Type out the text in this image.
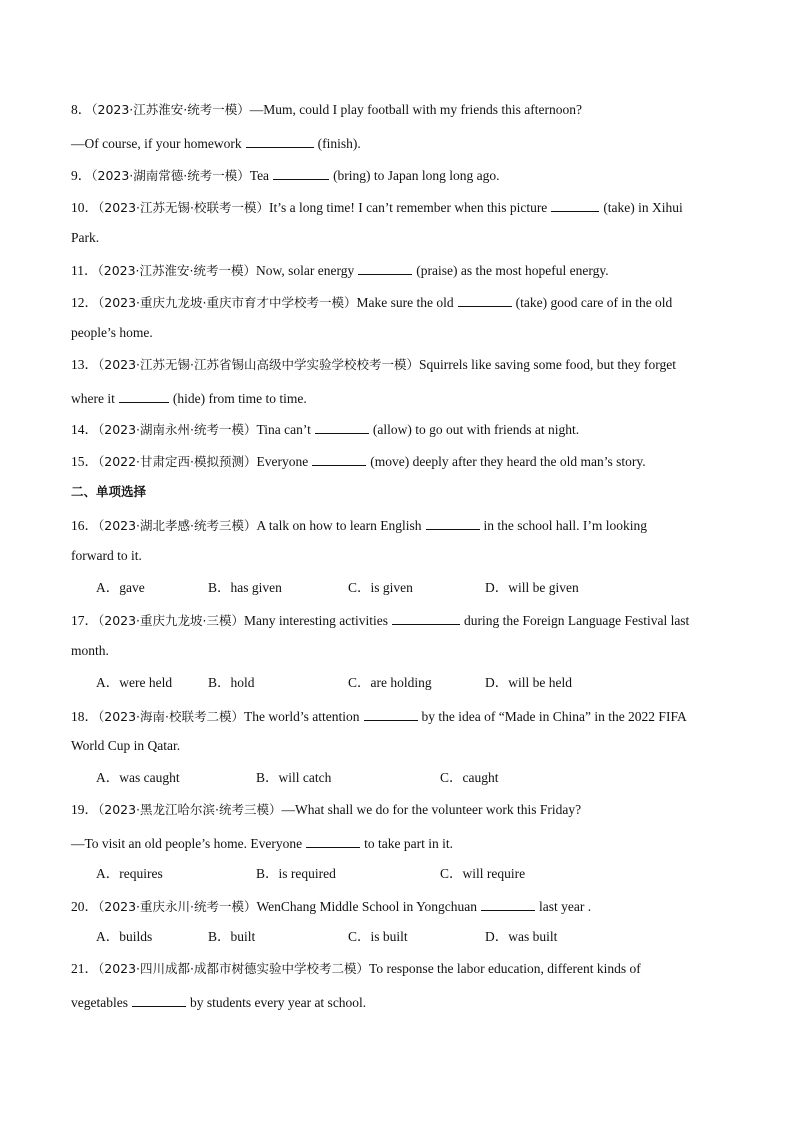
8．（2023·江苏淮安·统考一模）—Mum, could I play football with my friends this afternoon?
—Of course, if your homework	(finish).
9．（2023·湖南常德·统考一模）Tea	(bring) to Japan long long ago.
10．（2023·江苏无锡·校联考一模）It’s a long time! I can’t remember when this picture	(take) in Xihui
Park.
11．（2023·江苏淮安·统考一模）Now, solar energy	(praise) as the most hopeful energy.
12．（2023·重庆九龙坡·重庆市育才中学校考一模）Make sure the old	(take) good care of in the old
people’s home.
13．（2023·江苏无锡·江苏省锡山高级中学实验学校校考一模）Squirrels like saving some food, but they forget
where it	(hide) from time to time.
14．（2023·湖南永州·统考一模）Tina can’t	(allow) to go out with friends at night.
15．（2022·甘肃定西·模拟预测）Everyone	(move) deeply after they heard the old man’s story.
二、单项选择
16．（2023·湖北孝感·统考三模）A talk on how to learn English	in the school hall. I’m looking
forward to it.
A．gave	B．has given	C．is given	D．will be given
17．（2023·重庆九龙坡·三模）Many interesting activities	during the Foreign Language Festival last
month.
A．were held	B．hold	C．are holding	D．will be held
18．（2023·海南·校联考二模）The world’s attention	by the idea of “Made in China” in the 2022 FIFA
World Cup in Qatar.
A．was caught	B．will catch	C．caught
19．（2023·黑龙江哈尔滨·统考三模）—What shall we do for the volunteer work this Friday?
—To visit an old people’s home. Everyone	to take part in it.
A．requires	B．is required	C．will require
20．（2023·重庆永川·统考一模）WenChang Middle School in Yongchuan	last year .
A．builds	B．built	C．is built	D．was built
21．（2023·四川成都·成都市树德实验中学校考二模）To response the labor education, different kinds of
vegetables	by students every year at school.
